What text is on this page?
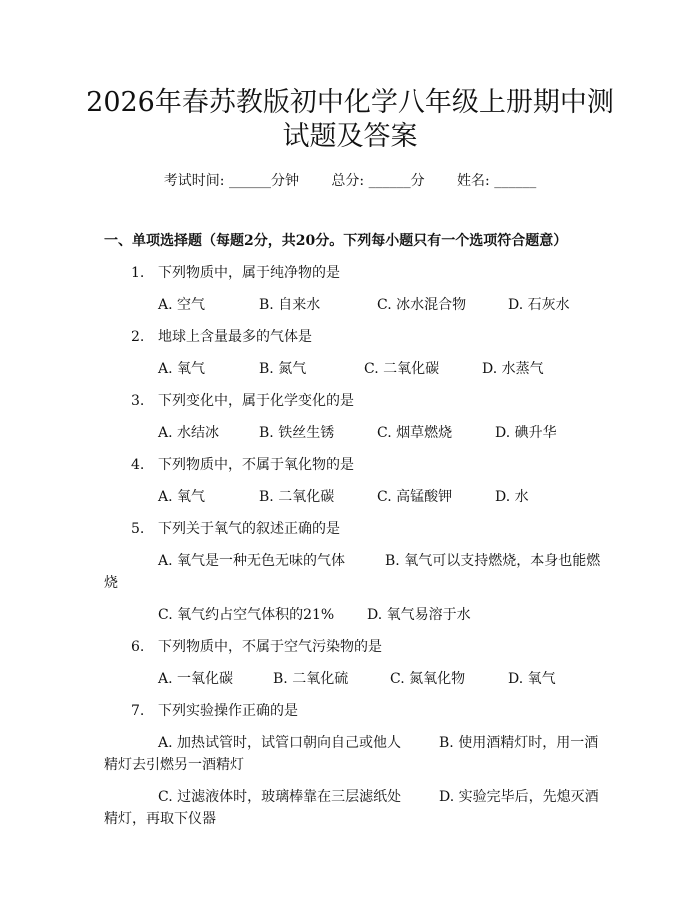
2026年春苏教版初中化学八年级上册期中测
试题及答案
考试时间: ______分钟 总分: ______分 姓名: ______
一、单项选择题（每题2分，共20分。下列每小题只有一个选项符合题意）
1. 下列物质中，属于纯净物的是
A. 空气	B. 自来水	C. 冰水混合物	D. 石灰水
2. 地球上含量最多的气体是
A. 氧气	B. 氮气	C. 二氧化碳	D. 水蒸气
3. 下列变化中，属于化学变化的是
A. 水结冰	B. 铁丝生锈	C. 烟草燃烧	D. 碘升华
4. 下列物质中，不属于氧化物的是
A. 氧气	B. 二氧化碳	C. 高锰酸钾	D. 水
5. 下列关于氧气的叙述正确的是
A. 氧气是一种无色无味的气体	B. 氧气可以支持燃烧，本身也能燃
烧
C. 氧气约占空气体积的21% D. 氧气易溶于水
6. 下列物质中，不属于空气污染物的是
A. 一氧化碳	B. 二氧化硫	C. 氮氧化物	D. 氧气
7. 下列实验操作正确的是
A. 加热试管时，试管口朝向自己或他人	B. 使用酒精灯时，用一酒
精灯去引燃另一酒精灯
C. 过滤液体时，玻璃棒靠在三层滤纸处	D. 实验完毕后，先熄灭酒
精灯，再取下仪器
